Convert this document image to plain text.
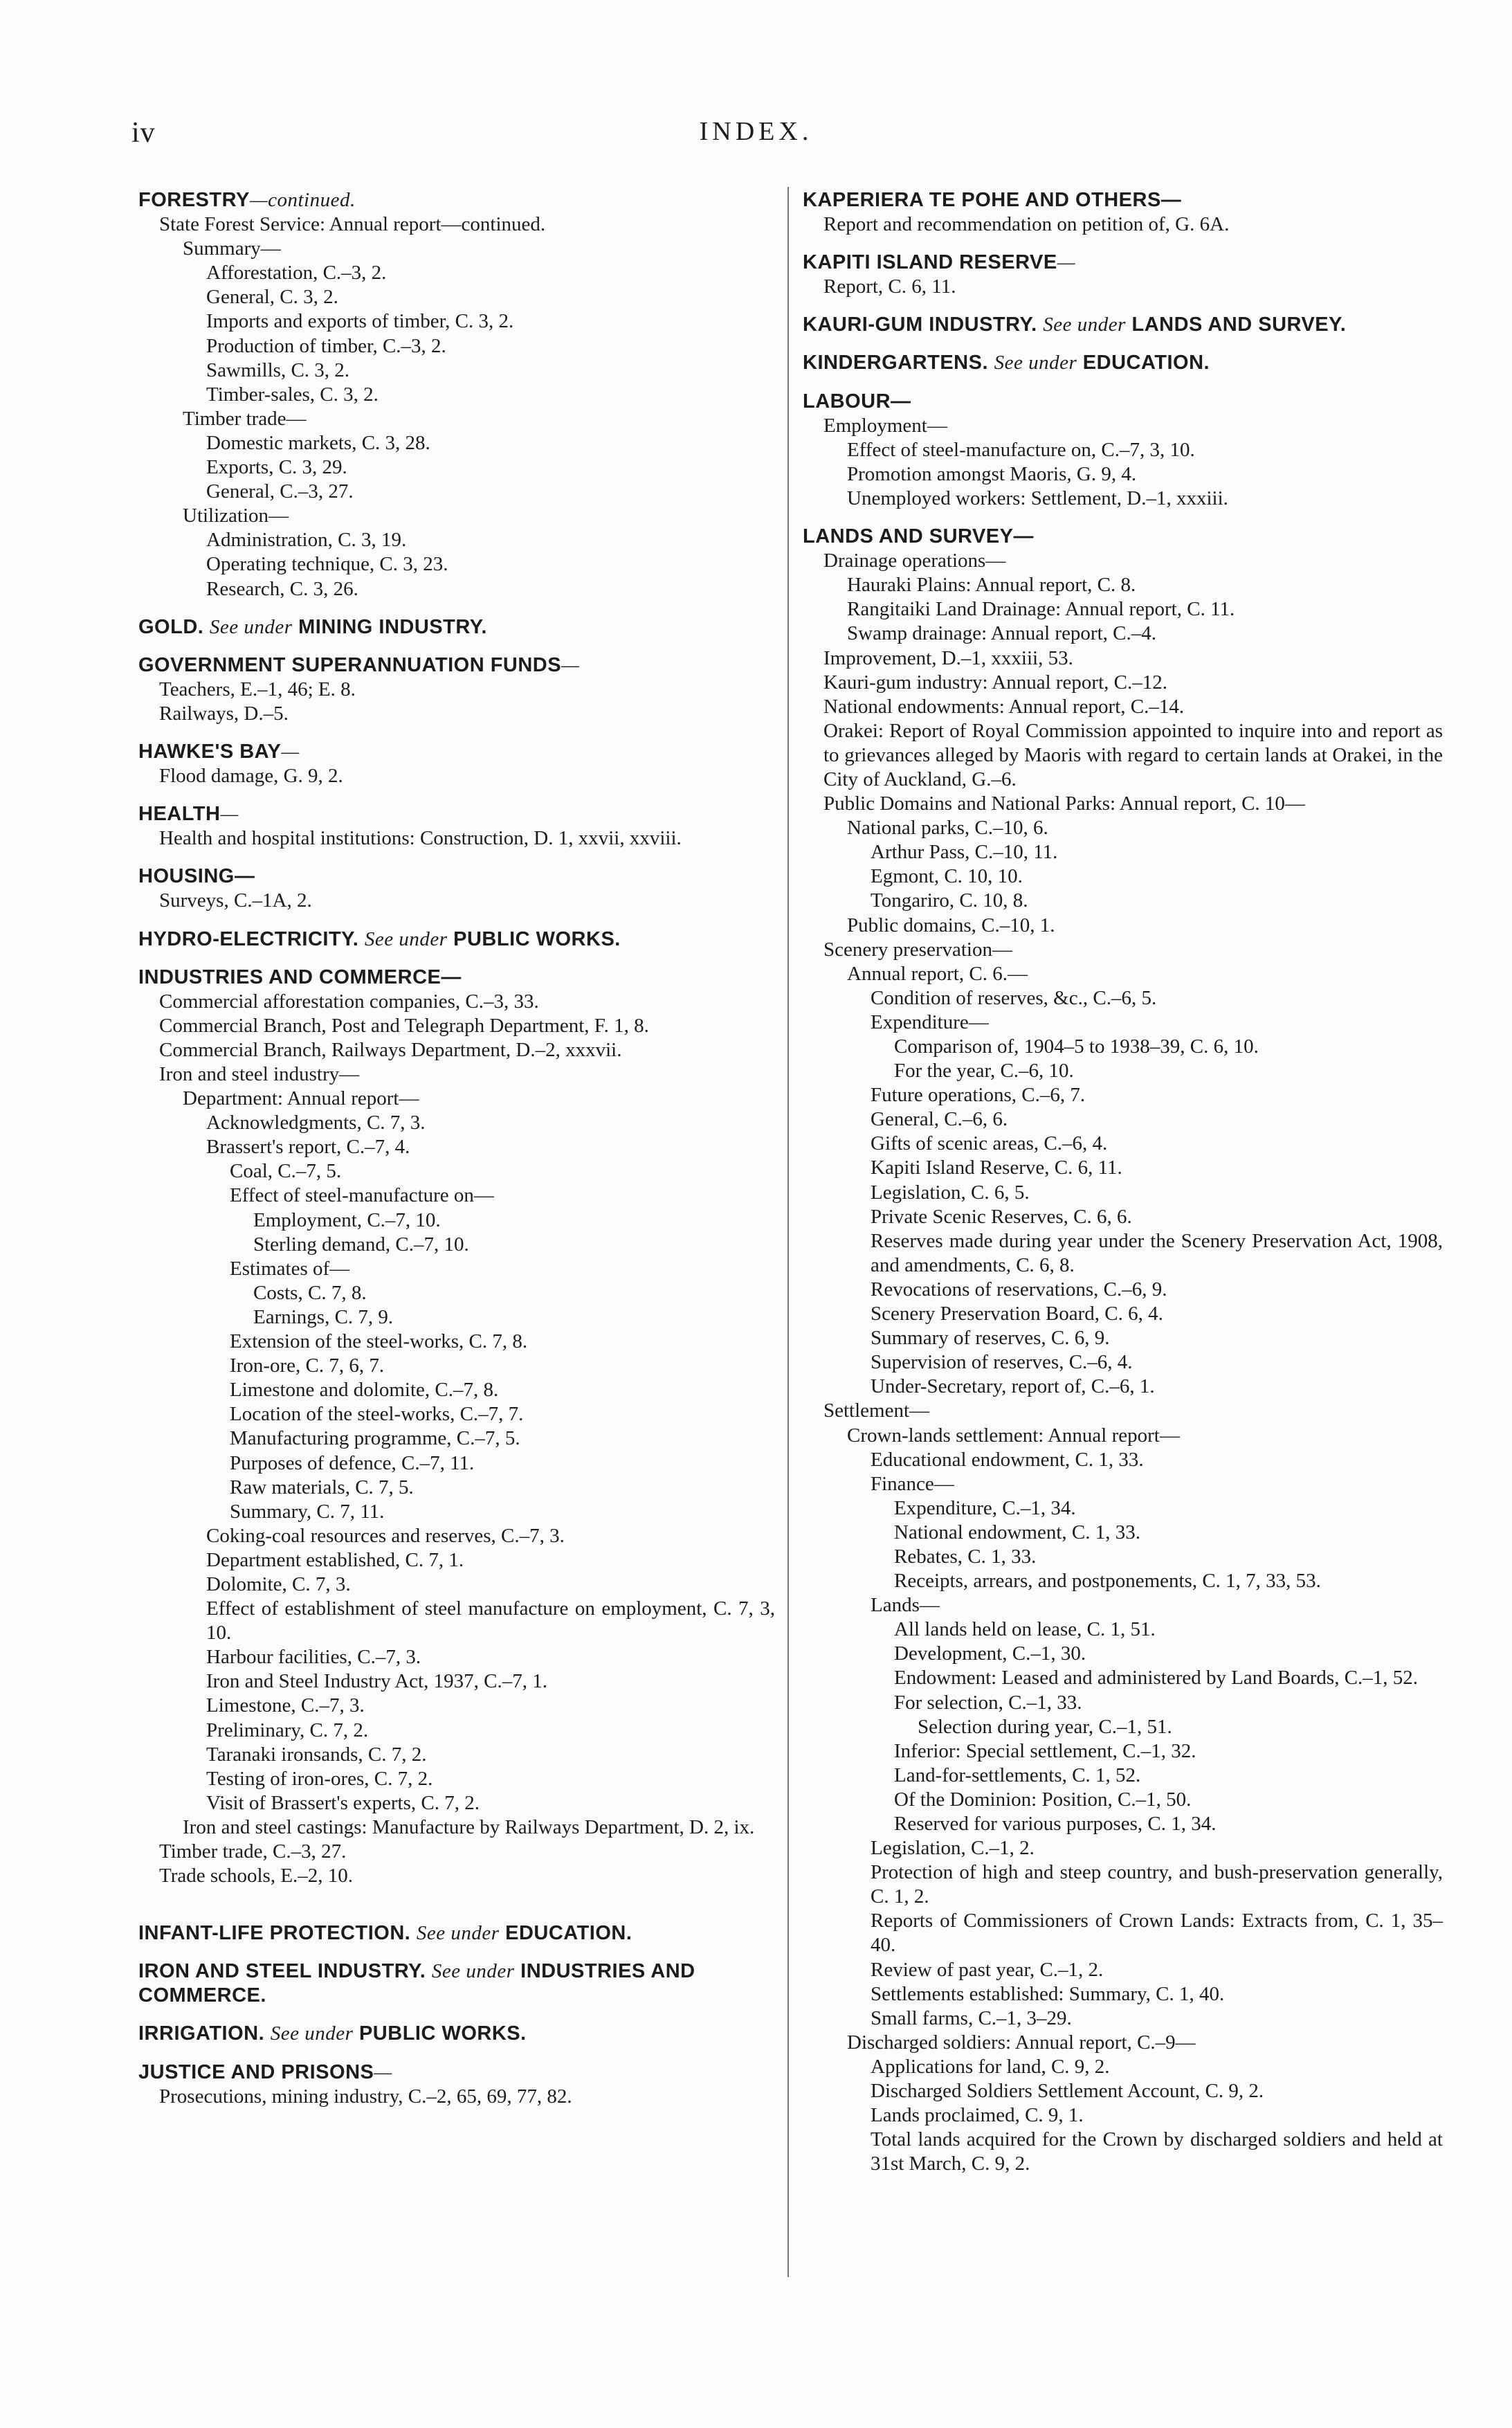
iv	INDEX.
FORESTRY—continued.
State Forest Service: Annual report—continued.
Summary—
Afforestation, C.–3, 2.
General, C. 3, 2.
Imports and exports of timber, C. 3, 2.
Production of timber, C.–3, 2.
Sawmills, C. 3, 2.
Timber-sales, C. 3, 2.
Timber trade—
Domestic markets, C. 3, 28.
Exports, C. 3, 29.
General, C.–3, 27.
Utilization—
Administration, C. 3, 19.
Operating technique, C. 3, 23.
Research, C. 3, 26.
GOLD. See under MINING INDUSTRY.
GOVERNMENT SUPERANNUATION FUNDS—
Teachers, E.–1, 46; E. 8.
Railways, D.–5.
HAWKE'S BAY—
Flood damage, G. 9, 2.
HEALTH—
Health and hospital institutions: Construction, D. 1, xxvii, xxviii.
HOUSING—
Surveys, C.–1A, 2.
HYDRO-ELECTRICITY. See under PUBLIC WORKS.
INDUSTRIES AND COMMERCE—
Commercial afforestation companies, C.–3, 33.
Commercial Branch, Post and Telegraph Department, F. 1, 8.
Commercial Branch, Railways Department, D.–2, xxxvii.
Iron and steel industry—
Department: Annual report—
Acknowledgments, C. 7, 3.
Brassert's report, C.–7, 4.
Coal, C.–7, 5.
Effect of steel-manufacture on—
Employment, C.–7, 10.
Sterling demand, C.–7, 10.
Estimates of—
Costs, C. 7, 8.
Earnings, C. 7, 9.
Extension of the steel-works, C. 7, 8.
Iron-ore, C. 7, 6, 7.
Limestone and dolomite, C.–7, 8.
Location of the steel-works, C.–7, 7.
Manufacturing programme, C.–7, 5.
Purposes of defence, C.–7, 11.
Raw materials, C. 7, 5.
Summary, C. 7, 11.
Coking-coal resources and reserves, C.–7, 3.
Department established, C. 7, 1.
Dolomite, C. 7, 3.
Effect of establishment of steel manufacture on employment, C. 7, 3, 10.
Harbour facilities, C.–7, 3.
Iron and Steel Industry Act, 1937, C.–7, 1.
Limestone, C.–7, 3.
Preliminary, C. 7, 2.
Taranaki ironsands, C. 7, 2.
Testing of iron-ores, C. 7, 2.
Visit of Brassert's experts, C. 7, 2.
Iron and steel castings: Manufacture by Railways Department, D. 2, ix.
Timber trade, C.–3, 27.
Trade schools, E.–2, 10.
INFANT-LIFE PROTECTION. See under EDUCATION.
IRON AND STEEL INDUSTRY. See under INDUSTRIES AND COMMERCE.
IRRIGATION. See under PUBLIC WORKS.
JUSTICE AND PRISONS—
Prosecutions, mining industry, C.–2, 65, 69, 77, 82.
KAPERIERA TE POHE AND OTHERS—
Report and recommendation on petition of, G. 6A.
KAPITI ISLAND RESERVE—
Report, C. 6, 11.
KAURI-GUM INDUSTRY. See under LANDS AND SURVEY.
KINDERGARTENS. See under EDUCATION.
LABOUR—
Employment—
Effect of steel-manufacture on, C.–7, 3, 10.
Promotion amongst Maoris, G. 9, 4.
Unemployed workers: Settlement, D.–1, xxxiii.
LANDS AND SURVEY—
Drainage operations—
Hauraki Plains: Annual report, C. 8.
Rangitaiki Land Drainage: Annual report, C. 11.
Swamp drainage: Annual report, C.–4.
Improvement, D.–1, xxxiii, 53.
Kauri-gum industry: Annual report, C.–12.
National endowments: Annual report, C.–14.
Orakei: Report of Royal Commission appointed to inquire into and report as to grievances alleged by Maoris with regard to certain lands at Orakei, in the City of Auckland, G.–6.
Public Domains and National Parks: Annual report, C. 10—
National parks, C.–10, 6.
Arthur Pass, C.–10, 11.
Egmont, C. 10, 10.
Tongariro, C. 10, 8.
Public domains, C.–10, 1.
Scenery preservation—
Annual report, C. 6.—
Condition of reserves, &c., C.–6, 5.
Expenditure—
Comparison of, 1904–5 to 1938–39, C. 6, 10.
For the year, C.–6, 10.
Future operations, C.–6, 7.
General, C.–6, 6.
Gifts of scenic areas, C.–6, 4.
Kapiti Island Reserve, C. 6, 11.
Legislation, C. 6, 5.
Private Scenic Reserves, C. 6, 6.
Reserves made during year under the Scenery Preservation Act, 1908, and amendments, C. 6, 8.
Revocations of reservations, C.–6, 9.
Scenery Preservation Board, C. 6, 4.
Summary of reserves, C. 6, 9.
Supervision of reserves, C.–6, 4.
Under-Secretary, report of, C.–6, 1.
Settlement—
Crown-lands settlement: Annual report—
Educational endowment, C. 1, 33.
Finance—
Expenditure, C.–1, 34.
National endowment, C. 1, 33.
Rebates, C. 1, 33.
Receipts, arrears, and postponements, C. 1, 7, 33, 53.
Lands—
All lands held on lease, C. 1, 51.
Development, C.–1, 30.
Endowment: Leased and administered by Land Boards, C.–1, 52.
For selection, C.–1, 33.
Selection during year, C.–1, 51.
Inferior: Special settlement, C.–1, 32.
Land-for-settlements, C. 1, 52.
Of the Dominion: Position, C.–1, 50.
Reserved for various purposes, C. 1, 34.
Legislation, C.–1, 2.
Protection of high and steep country, and bush-preservation generally, C. 1, 2.
Reports of Commissioners of Crown Lands: Extracts from, C. 1, 35–40.
Review of past year, C.–1, 2.
Settlements established: Summary, C. 1, 40.
Small farms, C.–1, 3–29.
Discharged soldiers: Annual report, C.–9—
Applications for land, C. 9, 2.
Discharged Soldiers Settlement Account, C. 9, 2.
Lands proclaimed, C. 9, 1.
Total lands acquired for the Crown by discharged soldiers and held at 31st March, C. 9, 2.
